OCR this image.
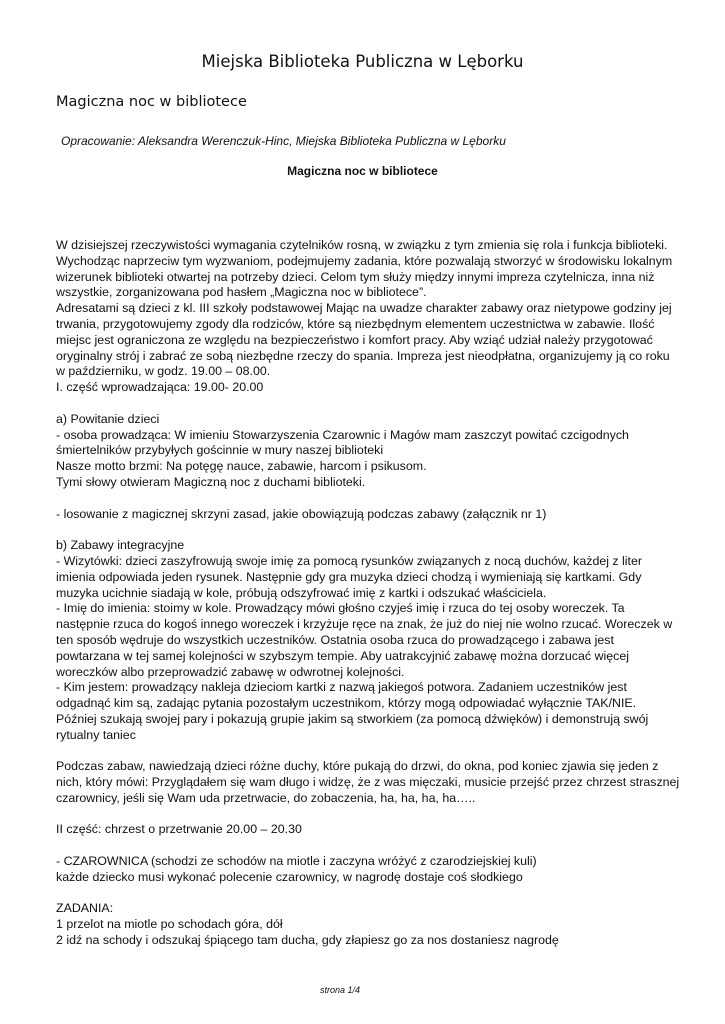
Miejska Biblioteka Publiczna w Lęborku
Magiczna noc w bibliotece

Opracowanie: Aleksandra Werenczuk-Hinc, Miejska Biblioteka Publiczna w Lęborku

Magiczna noc w bibliotece

W dzisiejszej rzeczywistości wymagania czytelników rosną, w związku z tym zmienia się rola i funkcja biblioteki.
Wychodząc naprzeciw tym wyzwaniom, podejmujemy zadania, które pozwalają stworzyć w środowisku lokalnym
wizerunek biblioteki otwartej na potrzeby dzieci. Celom tym służy między innymi impreza czytelnicza, inna niż
wszystkie, zorganizowana pod hasłem „Magiczna noc w bibliotece”.
Adresatami są dzieci z kl. III szkoły podstawowej Mając na uwadze charakter zabawy oraz nietypowe godziny jej
trwania, przygotowujemy zgody dla rodziców, które są niezbędnym elementem uczestnictwa w zabawie. Ilość
miejsc jest ograniczona ze względu na bezpieczeństwo i komfort pracy. Aby wziąć udział należy przygotować
oryginalny strój i zabrać ze sobą niezbędne rzeczy do spania. Impreza jest nieodpłatna, organizujemy ją co roku
w październiku, w godz. 19.00 – 08.00.
I. część wprowadzająca: 19.00- 20.00
a) Powitanie dzieci
- osoba prowadząca: W imieniu Stowarzyszenia Czarownic i Magów mam zaszczyt powitać czcigodnych
śmiertelników przybyłych gościnnie w mury naszej biblioteki
Nasze motto brzmi: Na potęgę nauce, zabawie, harcom i psikusom.
Tymi słowy otwieram Magiczną noc z duchami biblioteki.
- losowanie z magicznej skrzyni zasad, jakie obowiązują podczas zabawy (załącznik nr 1)
b) Zabawy integracyjne
- Wizytówki: dzieci zaszyfrowują swoje imię za pomocą rysunków związanych z nocą duchów, każdej z liter
imienia odpowiada jeden rysunek. Następnie gdy gra muzyka dzieci chodzą i wymieniają się kartkami. Gdy
muzyka ucichnie siadają w kole, próbują odszyfrować imię z kartki i odszukać właściciela.
- Imię do imienia: stoimy w kole. Prowadzący mówi głośno czyjeś imię i rzuca do tej osoby woreczek. Ta
następnie rzuca do kogoś innego woreczek i krzyżuje ręce na znak, że już do niej nie wolno rzucać. Woreczek w
ten sposób wędruje do wszystkich uczestników. Ostatnia osoba rzuca do prowadzącego i zabawa jest
powtarzana w tej samej kolejności w szybszym tempie. Aby uatrakcyjnić zabawę można dorzucać więcej
woreczków albo przeprowadzić zabawę w odwrotnej kolejności.
- Kim jestem: prowadzący nakleja dzieciom kartki z nazwą jakiegoś potwora. Zadaniem uczestników jest
odgadnąć kim są, zadając pytania pozostałym uczestnikom, którzy mogą odpowiadać wyłącznie TAK/NIE.
Później szukają swojej pary i pokazują grupie jakim są stworkiem (za pomocą dźwięków) i demonstrują swój
rytualny taniec
Podczas zabaw, nawiedzają dzieci różne duchy, które pukają do drzwi, do okna, pod koniec zjawia się jeden z
nich, który mówi: Przyglądałem się wam długo i widzę, że z was mięczaki, musicie przejść przez chrzest strasznej
czarownicy, jeśli się Wam uda przetrwacie, do zobaczenia, ha, ha, ha, ha…..
II część: chrzest o przetrwanie 20.00 – 20.30
- CZAROWNICA (schodzi ze schodów na miotle i zaczyna wróżyć z czarodziejskiej kuli)
każde dziecko musi wykonać polecenie czarownicy, w nagrodę dostaje coś słodkiego
ZADANIA:
1 przelot na miotle po schodach góra, dół
2 idź na schody i odszukaj śpiącego tam ducha, gdy złapiesz go za nos dostaniesz nagrodę
strona 1/4
